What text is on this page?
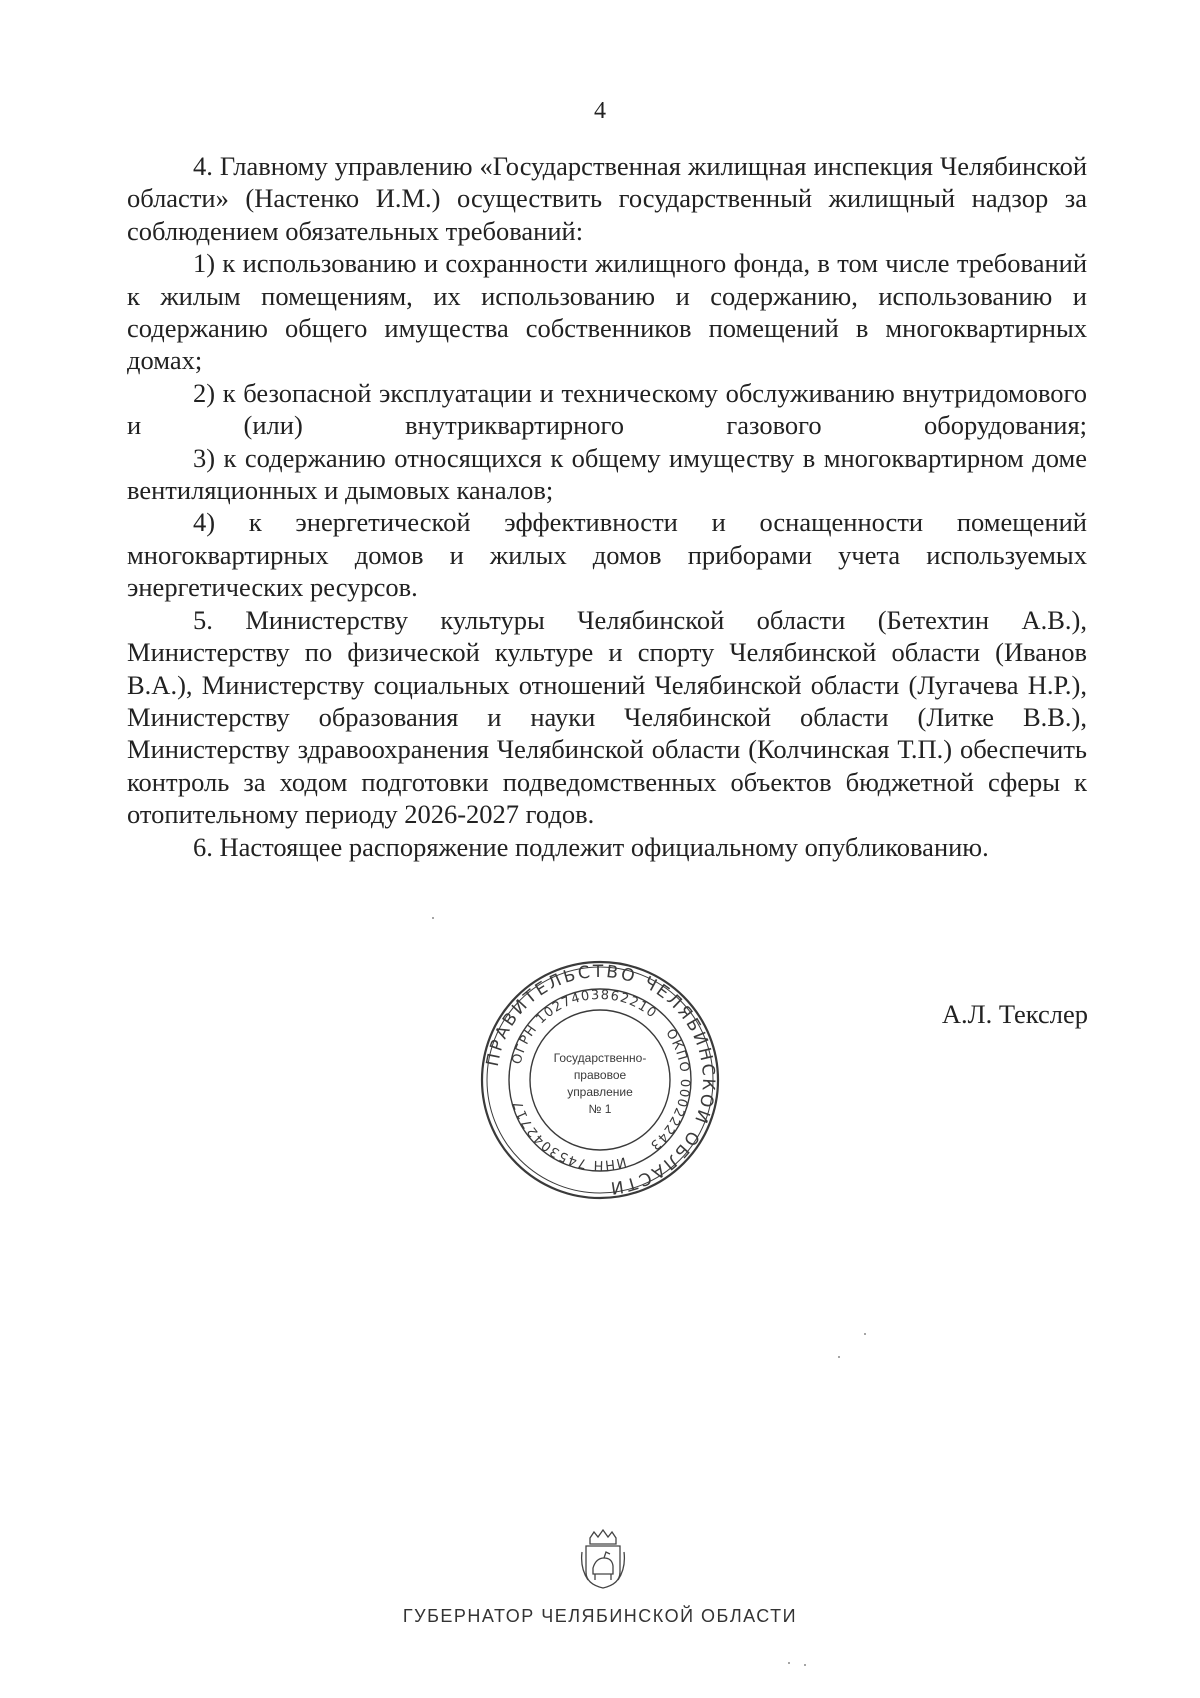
4

4. Главному управлению «Государственная жилищная инспекция Челябинской области» (Настенко И.М.) осуществить государственный жилищный надзор за соблюдением обязательных требований:

1) к использованию и сохранности жилищного фонда, в том числе требований к жилым помещениям, их использованию и содержанию, использованию и содержанию общего имущества собственников помещений в многоквартирных домах;

2) к безопасной эксплуатации и техническому обслуживанию внутридомового и (или) внутриквартирного газового оборудования;

3) к содержанию относящихся к общему имуществу в многоквартирном доме вентиляционных и дымовых каналов;

4) к энергетической эффективности и оснащенности помещений многоквартирных домов и жилых домов приборами учета используемых энергетических ресурсов.

5. Министерству культуры Челябинской области (Бетехтин А.В.), Министерству по физической культуре и спорту Челябинской области (Иванов В.А.), Министерству социальных отношений Челябинской области (Лугачева Н.Р.), Министерству образования и науки Челябинской области (Литке В.В.), Министерству здравоохранения Челябинской области (Колчинская Т.П.) обеспечить контроль за ходом подготовки подведомственных объектов бюджетной сферы к отопительному периоду 2026-2027 годов.

6. Настоящее распоряжение подлежит официальному опубликованию.

А.Л. Текслер
ПРАВИТЕЛЬСТВО ЧЕЛЯБИНСКОЙ ОБЛАСТИ
ОГРН 1027403862210
ОКПО 00022243
ИНН 7453042717
Государственно-
правовое
управление
№ 1
ГУБЕРНАТОР ЧЕЛЯБИНСКОЙ ОБЛАСТИ
